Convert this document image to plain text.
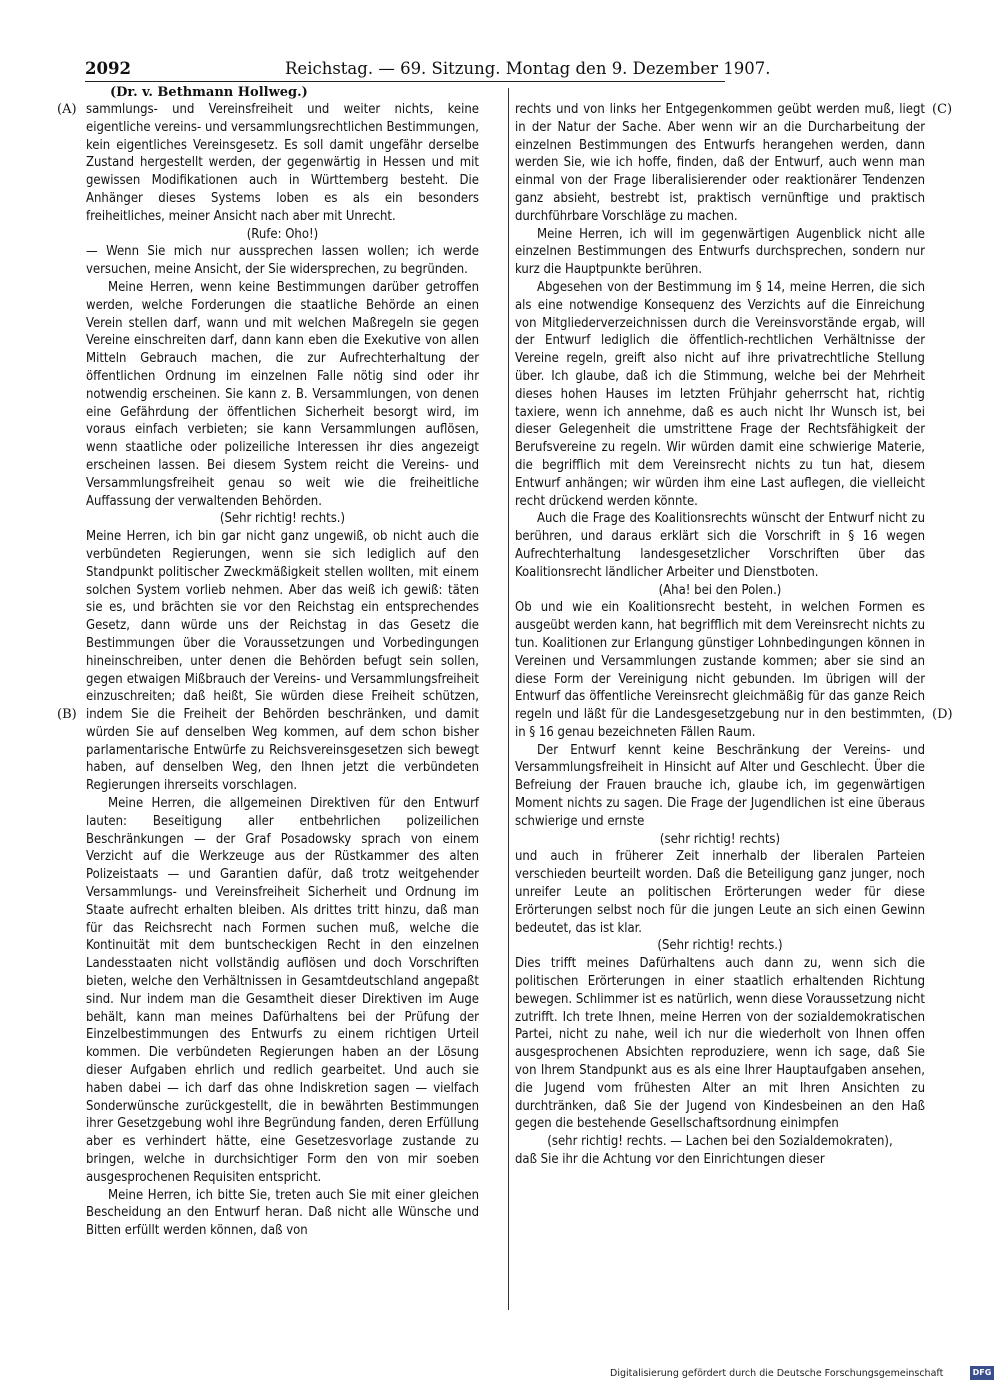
2092	Reichstag. — 69. Sitzung. Montag den 9. Dezember 1907.
(Dr. v. Bethmann Hollweg.)
(A)
(B)
(C)
(D)

sammlungs- und Vereinsfreiheit und weiter nichts, keine eigentliche vereins- und versammlungsrechtlichen Bestimmungen, kein eigentliches Vereinsgesetz. Es soll damit ungefähr derselbe Zustand hergestellt werden, der gegenwärtig in Hessen und mit gewissen Modifikationen auch in Württemberg besteht. Die Anhänger dieses Systems loben es als ein besonders freiheitliches, meiner Ansicht nach aber mit Unrecht.

(Rufe: Oho!)

— Wenn Sie mich nur aussprechen lassen wollen; ich werde versuchen, meine Ansicht, der Sie widersprechen, zu begründen.

Meine Herren, wenn keine Bestimmungen darüber getroffen werden, welche Forderungen die staatliche Behörde an einen Verein stellen darf, wann und mit welchen Maßregeln sie gegen Vereine einschreiten darf, dann kann eben die Exekutive von allen Mitteln Gebrauch machen, die zur Aufrechterhaltung der öffentlichen Ordnung im einzelnen Falle nötig sind oder ihr notwendig erscheinen. Sie kann z. B. Versammlungen, von denen eine Gefährdung der öffentlichen Sicherheit besorgt wird, im voraus einfach verbieten; sie kann Versammlungen auflösen, wenn staatliche oder polizeiliche Interessen ihr dies angezeigt erscheinen lassen. Bei diesem System reicht die Vereins- und Versammlungsfreiheit genau so weit wie die freiheitliche Auffassung der verwaltenden Behörden.

(Sehr richtig! rechts.)

Meine Herren, ich bin gar nicht ganz ungewiß, ob nicht auch die verbündeten Regierungen, wenn sie sich lediglich auf den Standpunkt politischer Zweckmäßigkeit stellen wollten, mit einem solchen System vorlieb nehmen. Aber das weiß ich gewiß: täten sie es, und brächten sie vor den Reichstag ein entsprechendes Gesetz, dann würde uns der Reichstag in das Gesetz die Bestimmungen über die Voraussetzungen und Vorbedingungen hineinschreiben, unter denen die Behörden befugt sein sollen, gegen etwaigen Mißbrauch der Vereins- und Versammlungsfreiheit einzuschreiten; daß heißt, Sie würden diese Freiheit schützen, indem Sie die Freiheit der Behörden beschränken, und damit würden Sie auf denselben Weg kommen, auf dem schon bisher parlamentarische Entwürfe zu Reichsvereinsgesetzen sich bewegt haben, auf denselben Weg, den Ihnen jetzt die verbündeten Regierungen ihrerseits vorschlagen.

Meine Herren, die allgemeinen Direktiven für den Entwurf lauten: Beseitigung aller entbehrlichen polizeilichen Beschränkungen — der Graf Posadowsky sprach von einem Verzicht auf die Werkzeuge aus der Rüstkammer des alten Polizeistaats — und Garantien dafür, daß trotz weitgehender Versammlungs- und Vereinsfreiheit Sicherheit und Ordnung im Staate aufrecht erhalten bleiben. Als drittes tritt hinzu, daß man für das Reichsrecht nach Formen suchen muß, welche die Kontinuität mit dem buntscheckigen Recht in den einzelnen Landesstaaten nicht vollständig auflösen und doch Vorschriften bieten, welche den Verhältnissen in Gesamtdeutschland angepaßt sind. Nur indem man die Gesamtheit dieser Direktiven im Auge behält, kann man meines Dafürhaltens bei der Prüfung der Einzelbestimmungen des Entwurfs zu einem richtigen Urteil kommen. Die verbündeten Regierungen haben an der Lösung dieser Aufgaben ehrlich und redlich gearbeitet. Und auch sie haben dabei — ich darf das ohne Indiskretion sagen — vielfach Sonderwünsche zurückgestellt, die in bewährten Bestimmungen ihrer Gesetzgebung wohl ihre Begründung fanden, deren Erfüllung aber es verhindert hätte, eine Gesetzesvorlage zustande zu bringen, welche in durchsichtiger Form den von mir soeben ausgesprochenen Requisiten entspricht.

Meine Herren, ich bitte Sie, treten auch Sie mit einer gleichen Bescheidung an den Entwurf heran. Daß nicht alle Wünsche und Bitten erfüllt werden können, daß von

rechts und von links her Entgegenkommen geübt werden muß, liegt in der Natur der Sache. Aber wenn wir an die Durcharbeitung der einzelnen Bestimmungen des Entwurfs herangehen werden, dann werden Sie, wie ich hoffe, finden, daß der Entwurf, auch wenn man einmal von der Frage liberalisierender oder reaktionärer Tendenzen ganz absieht, bestrebt ist, praktisch vernünftige und praktisch durchführbare Vorschläge zu machen.

Meine Herren, ich will im gegenwärtigen Augenblick nicht alle einzelnen Bestimmungen des Entwurfs durchsprechen, sondern nur kurz die Hauptpunkte berühren.

Abgesehen von der Bestimmung im § 14, meine Herren, die sich als eine notwendige Konsequenz des Verzichts auf die Einreichung von Mitgliederverzeichnissen durch die Vereinsvorstände ergab, will der Entwurf lediglich die öffentlich-rechtlichen Verhältnisse der Vereine regeln, greift also nicht auf ihre privatrechtliche Stellung über. Ich glaube, daß ich die Stimmung, welche bei der Mehrheit dieses hohen Hauses im letzten Frühjahr geherrscht hat, richtig taxiere, wenn ich annehme, daß es auch nicht Ihr Wunsch ist, bei dieser Gelegenheit die umstrittene Frage der Rechtsfähigkeit der Berufsvereine zu regeln. Wir würden damit eine schwierige Materie, die begrifflich mit dem Vereinsrecht nichts zu tun hat, diesem Entwurf anhängen; wir würden ihm eine Last auflegen, die vielleicht recht drückend werden könnte.

Auch die Frage des Koalitionsrechts wünscht der Entwurf nicht zu berühren, und daraus erklärt sich die Vorschrift in § 16 wegen Aufrechterhaltung landesgesetzlicher Vorschriften über das Koalitionsrecht ländlicher Arbeiter und Dienstboten.

(Aha! bei den Polen.)

Ob und wie ein Koalitionsrecht besteht, in welchen Formen es ausgeübt werden kann, hat begrifflich mit dem Vereinsrecht nichts zu tun. Koalitionen zur Erlangung günstiger Lohnbedingungen können in Vereinen und Versammlungen zustande kommen; aber sie sind an diese Form der Vereinigung nicht gebunden. Im übrigen will der Entwurf das öffentliche Vereinsrecht gleichmäßig für das ganze Reich regeln und läßt für die Landesgesetzgebung nur in den bestimmten, in § 16 genau bezeichneten Fällen Raum.

Der Entwurf kennt keine Beschränkung der Vereins- und Versammlungsfreiheit in Hinsicht auf Alter und Geschlecht. Über die Befreiung der Frauen brauche ich, glaube ich, im gegenwärtigen Moment nichts zu sagen. Die Frage der Jugendlichen ist eine überaus schwierige und ernste

(sehr richtig! rechts)

und auch in früherer Zeit innerhalb der liberalen Parteien verschieden beurteilt worden. Daß die Beteiligung ganz junger, noch unreifer Leute an politischen Erörterungen weder für diese Erörterungen selbst noch für die jungen Leute an sich einen Gewinn bedeutet, das ist klar.

(Sehr richtig! rechts.)

Dies trifft meines Dafürhaltens auch dann zu, wenn sich die politischen Erörterungen in einer staatlich erhaltenden Richtung bewegen. Schlimmer ist es natürlich, wenn diese Voraussetzung nicht zutrifft. Ich trete Ihnen, meine Herren von der sozialdemokratischen Partei, nicht zu nahe, weil ich nur die wiederholt von Ihnen offen ausgesprochenen Absichten reproduziere, wenn ich sage, daß Sie von Ihrem Standpunkt aus es als eine Ihrer Hauptaufgaben ansehen, die Jugend vom frühesten Alter an mit Ihren Ansichten zu durchtränken, daß Sie der Jugend von Kindesbeinen an den Haß gegen die bestehende Gesellschaftsordnung einimpfen

(sehr richtig! rechts. — Lachen bei den Sozialdemokraten),

daß Sie ihr die Achtung vor den Einrichtungen dieser

Digitalisierung gefördert durch die Deutsche Forschungsgemeinschaft	DFG
